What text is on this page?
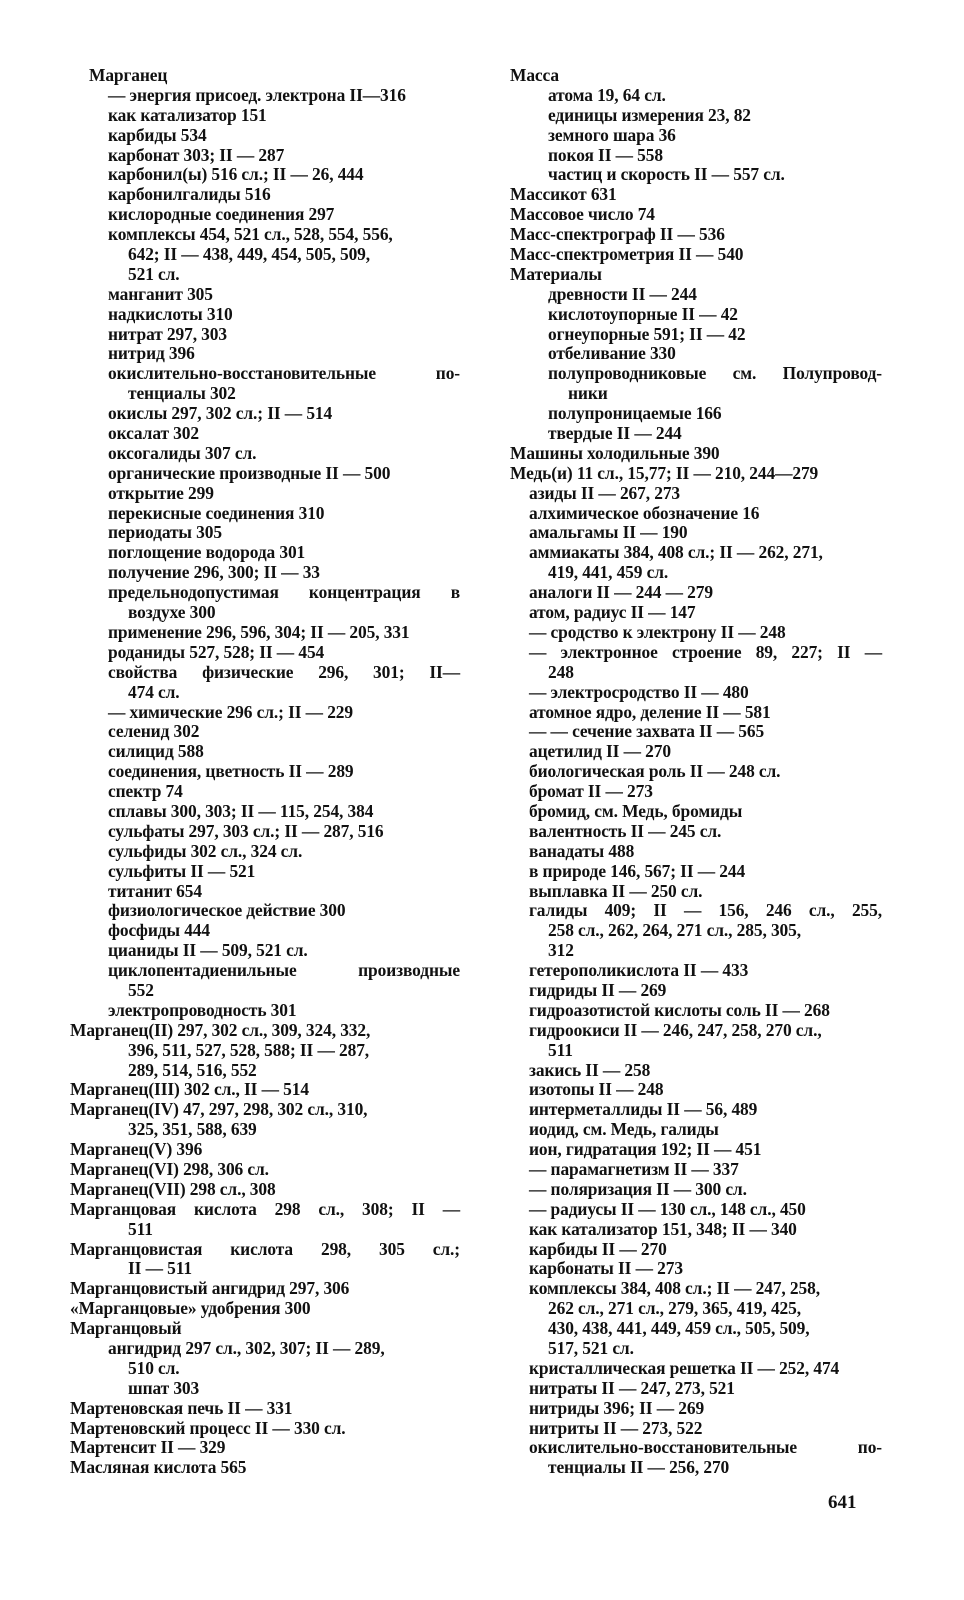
Марганец
— энергия присоед. электрона II—316
как катализатор 151
карбиды 534
карбонат 303; II — 287
карбонил(ы) 516 сл.; II — 26, 444
карбонилгалиды 516
кислородные соединения 297
комплексы 454, 521 сл., 528, 554, 556,
642; II — 438, 449, 454, 505, 509,
521 сл.
манганит 305
надкислоты 310
нитрат 297, 303
нитрид 396
окислительно-восстановительные по-
тенциалы 302
окислы 297, 302 сл.; II — 514
оксалат 302
оксогалиды 307 сл.
органические производные II — 500
открытие 299
перекисные соединения 310
периодаты 305
поглощение водорода 301
получение 296, 300; II — 33
предельнодопустимая концентрация в
воздухе 300
применение 296, 596, 304; II — 205, 331
роданиды 527, 528; II — 454
свойства физические 296, 301; II—
474 сл.
— химические 296 сл.; II — 229
селенид 302
силицид 588
соединения, цветность II — 289
спектр 74
сплавы 300, 303; II — 115, 254, 384
сульфаты 297, 303 сл.; II — 287, 516
сульфиды 302 сл., 324 сл.
сульфиты II — 521
титанит 654
физиологическое действие 300
фосфиды 444
цианиды II — 509, 521 сл.
циклопентадиенильные производные
552
электропроводность 301
Марганец(II) 297, 302 сл., 309, 324, 332,
396, 511, 527, 528, 588; II — 287,
289, 514, 516, 552
Марганец(III) 302 сл., II — 514
Марганец(IV) 47, 297, 298, 302 сл., 310,
325, 351, 588, 639
Марганец(V) 396
Марганец(VI) 298, 306 сл.
Марганец(VII) 298 сл., 308
Марганцовая кислота 298 сл., 308; II —
511
Марганцовистая кислота 298, 305 сл.;
II — 511
Марганцовистый ангидрид 297, 306
«Марганцовые» удобрения 300
Марганцовый
ангидрид 297 сл., 302, 307; II — 289,
510 сл.
шпат 303
Мартеновская печь II — 331
Мартеновский процесс II — 330 сл.
Мартенсит II — 329
Масляная кислота 565
Масса
атома 19, 64 сл.
единицы измерения 23, 82
земного шара 36
покоя II — 558
частиц и скорость II — 557 сл.
Массикот 631
Массовое число 74
Масс-спектрограф II — 536
Масс-спектрометрия II — 540
Материалы
древности II — 244
кислотоупорные II — 42
огнеупорные 591; II — 42
отбеливание 330
полупроводниковые см. Полупровод-
ники
полупроницаемые 166
твердые II — 244
Машины холодильные 390
Медь(и) 11 сл., 15,77; II — 210, 244—279
азиды II — 267, 273
алхимическое обозначение 16
амальгамы II — 190
аммиакаты 384, 408 сл.; II — 262, 271,
419, 441, 459 сл.
аналоги II — 244 — 279
атом, радиус II — 147
— сродство к электрону II — 248
— электронное строение 89, 227; II —
248
— электросродство II — 480
атомное ядро, деление II — 581
— — сечение захвата II — 565
ацетилид II — 270
биологическая роль II — 248 сл.
бромат II — 273
бромид, см. Медь, бромиды
валентность II — 245 сл.
ванадаты 488
в природе 146, 567; II — 244
выплавка II — 250 сл.
галиды 409; II — 156, 246 сл., 255,
258 сл., 262, 264, 271 сл., 285, 305,
312
гетерополикислота II — 433
гидриды II — 269
гидроазотистой кислоты соль II — 268
гидроокиси II — 246, 247, 258, 270 сл.,
511
закись II — 258
изотопы II — 248
интерметаллиды II — 56, 489
иодид, см. Медь, галиды
ион, гидратация 192; II — 451
— парамагнетизм II — 337
— поляризация II — 300 сл.
— радиусы II — 130 сл., 148 сл., 450
как катализатор 151, 348; II — 340
карбиды II — 270
карбонаты II — 273
комплексы 384, 408 сл.; II — 247, 258,
262 сл., 271 сл., 279, 365, 419, 425,
430, 438, 441, 449, 459 сл., 505, 509,
517, 521 сл.
кристаллическая решетка II — 252, 474
нитраты II — 247, 273, 521
нитриды 396; II — 269
нитриты II — 273, 522
окислительно-восстановительные по-
тенциалы II — 256, 270
641
